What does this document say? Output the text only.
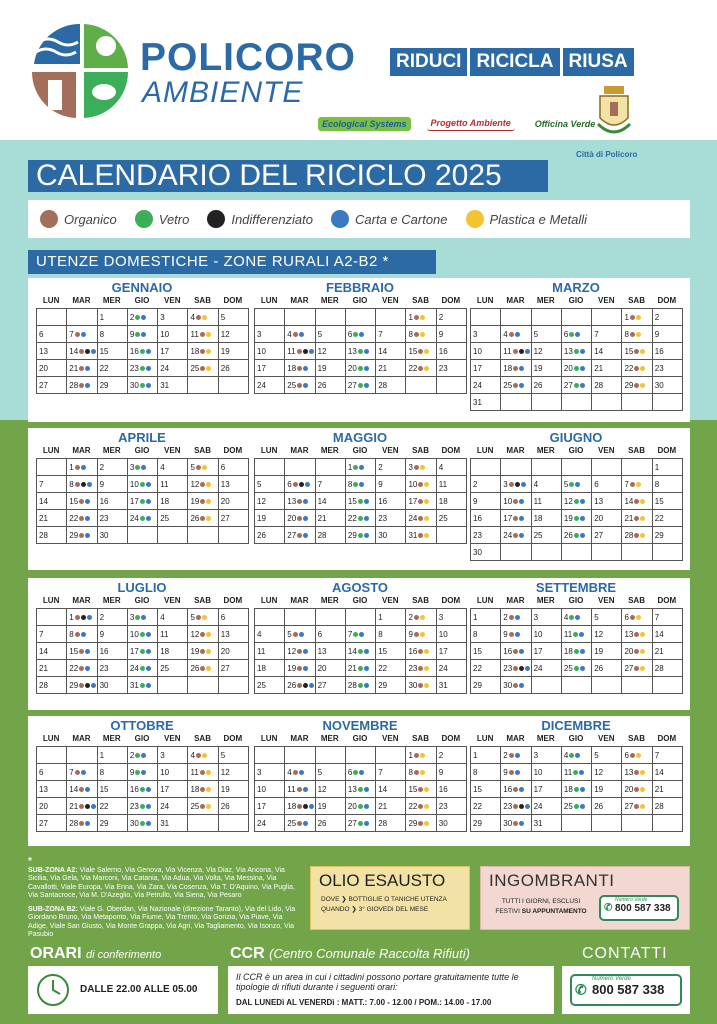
POLICORO
AMBIENTE
RIDUCI RICICLA RIUSA
Ecological Systems	Progetto Ambiente	Officina Verde
Città di Policoro
CALENDARIO DEL RICICLO 2025
Organico	Vetro	Indifferenziato	Carta e Cartone	Plastica e Metalli
UTENZE DOMESTICHE - ZONE RURALI A2-B2 *
GENNAIO
LUN	MAR	MER	GIO	VEN	SAB	DOM
		1	2	3	4	5
6	7	8	9	10	11	12
13	14	15	16	17	18	19
20	21	22	23	24	25	26
27	28	29	30	31		
FEBBRAIO
LUN	MAR	MER	GIO	VEN	SAB	DOM
					1	2
3	4	5	6	7	8	9
10	11	12	13	14	15	16
17	18	19	20	21	22	23
24	25	26	27	28		
MARZO
LUN	MAR	MER	GIO	VEN	SAB	DOM
					1	2
3	4	5	6	7	8	9
10	11	12	13	14	15	16
17	18	19	20	21	22	23
24	25	26	27	28	29	30
31						
APRILE
LUN	MAR	MER	GIO	VEN	SAB	DOM
	1	2	3	4	5	6
7	8	9	10	11	12	13
14	15	16	17	18	19	20
21	22	23	24	25	26	27
28	29	30				
MAGGIO
LUN	MAR	MER	GIO	VEN	SAB	DOM
			1	2	3	4
5	6	7	8	9	10	11
12	13	14	15	16	17	18
19	20	21	22	23	24	25
26	27	28	29	30	31	
GIUGNO
LUN	MAR	MER	GIO	VEN	SAB	DOM
						1
2	3	4	5	6	7	8
9	10	11	12	13	14	15
16	17	18	19	20	21	22
23	24	25	26	27	28	29
30						
LUGLIO
LUN	MAR	MER	GIO	VEN	SAB	DOM
	1	2	3	4	5	6
7	8	9	10	11	12	13
14	15	16	17	18	19	20
21	22	23	24	25	26	27
28	29	30	31			
AGOSTO
LUN	MAR	MER	GIO	VEN	SAB	DOM
				1	2	3
4	5	6	7	8	9	10
11	12	13	14	15	16	17
18	19	20	21	22	23	24
25	26	27	28	29	30	31
SETTEMBRE
LUN	MAR	MER	GIO	VEN	SAB	DOM
1	2	3	4	5	6	7
8	9	10	11	12	13	14
15	16	17	18	19	20	21
22	23	24	25	26	27	28
29	30					
OTTOBRE
LUN	MAR	MER	GIO	VEN	SAB	DOM
		1	2	3	4	5
6	7	8	9	10	11	12
13	14	15	16	17	18	19
20	21	22	23	24	25	26
27	28	29	30	31		
NOVEMBRE
LUN	MAR	MER	GIO	VEN	SAB	DOM
					1	2
3	4	5	6	7	8	9
10	11	12	13	14	15	16
17	18	19	20	21	22	23
24	25	26	27	28	29	30
DICEMBRE
LUN	MAR	MER	GIO	VEN	SAB	DOM
1	2	3	4	5	6	7
8	9	10	11	12	13	14
15	16	17	18	19	20	21
22	23	24	25	26	27	28
29	30	31				
*
SUB-ZONA A2: Viale Salerno, Via Genova, Via Vicenza, Via Diaz, Via Ancona, Via Sicilia, Via Gela, Via Marconi, Via Catania, Via Adua, Via Volta, Via Messina, Via Cavallotti, Viale Europa, Via Enna, Via Zara, Via Cosenza, Via T. D'Aquino, Via Puglia, Via Santacroce, Via M. D'Azeglio, Via Petrullo, Via Siena, Via Pesaro
SUB-ZONA B2: Viale G. Oberdan, Via Nazionale (direzione Taranto), Via del Lido, Via Giordano Bruno, Via Metaponto, Via Fiume, Via Trento, Via Gorizia, Via Piave, Via Adige, Viale San Giusto, Via Monte Grappa, Via Agri, Via Tagliamento, Via Isonzo, Via Pasubio
OLIO ESAUSTO
DOVE ❯ BOTTIGLIE O TANICHE UTENZA
QUANDO ❯ 3° GIOVEDì DEL MESE
INGOMBRANTI
TUTTI I GIORNI, ESCLUSI
FESTIVI SU APPUNTAMENTO ✆
Numero Verde
800 587 338
ORARI di conferimento
DALLE 22.00 ALLE 05.00
CCR (Centro Comunale Raccolta Rifiuti)
Il CCR è un area in cui i cittadini possono portare gratuitamente tutte le tipologie di rifiuti durante i seguenti orari:
DAL LUNEDì AL VENERDì : MATT.: 7.00 - 12.00 / POM.: 14.00 - 17.00
CONTATTI
✆
Numero Verde
800 587 338
